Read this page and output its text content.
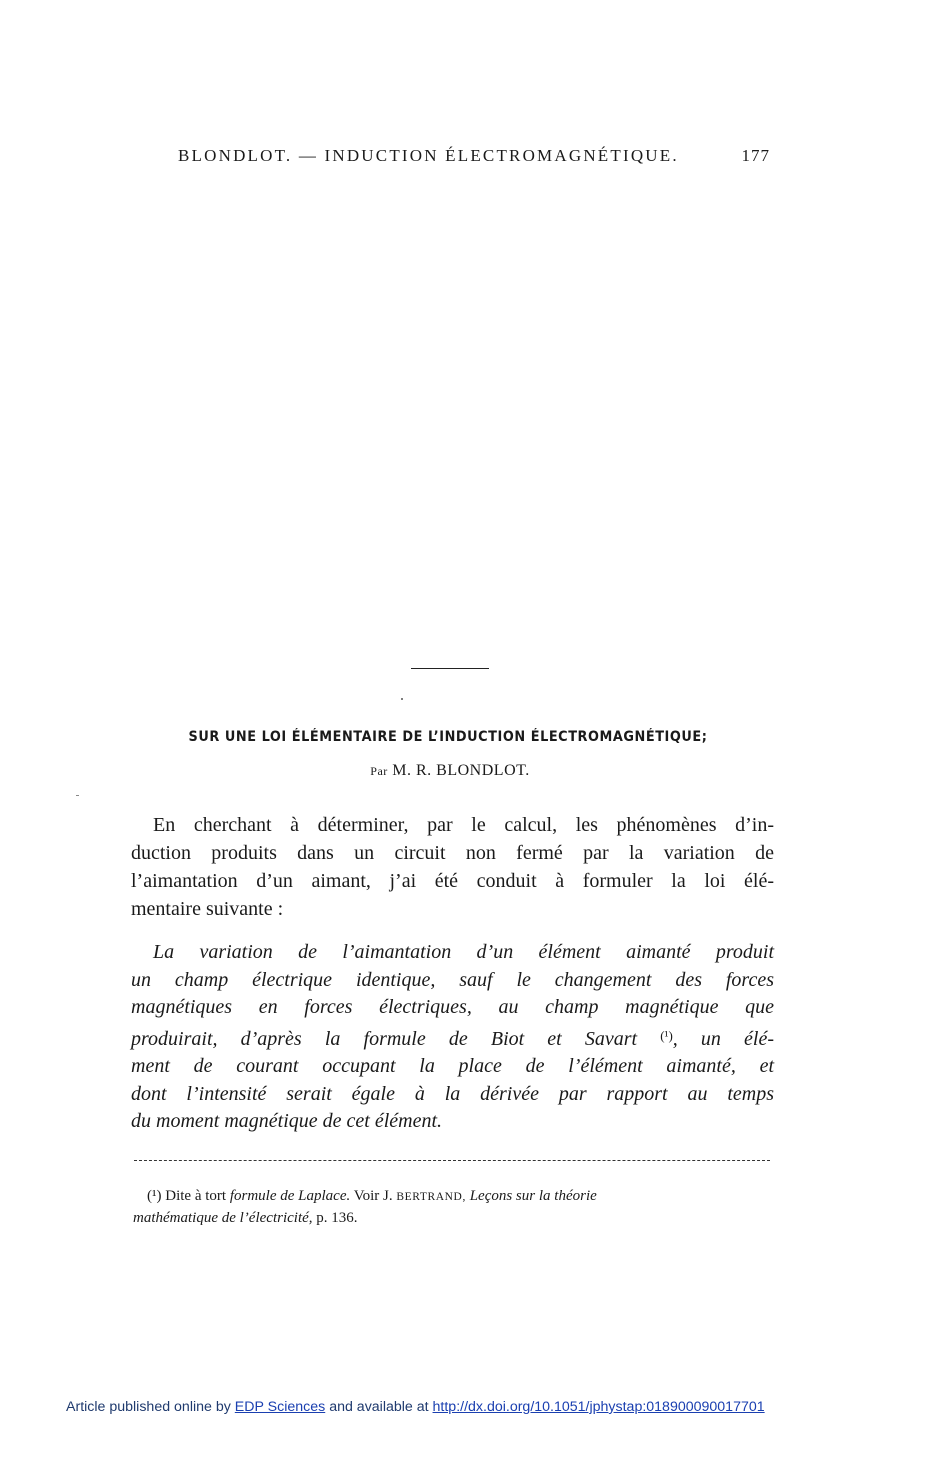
BLONDLOT. — INDUCTION ÉLECTROMAGNÉTIQUE.	177
SUR UNE LOI ÉLÉMENTAIRE DE L’INDUCTION ÉLECTROMAGNÉTIQUE;
Par M. R. BLONDLOT.
En cherchant à déterminer, par le calcul, les phénomènes d’in-
duction produits dans un circuit non fermé par la variation de
l’aimantation d’un aimant, j’ai été conduit à formuler la loi élé-
mentaire suivante :
La variation de l’aimantation d’un élément aimanté produit
un champ électrique identique, sauf le changement des forces
magnétiques en forces électriques, au champ magnétique que
produirait, d’après la formule de Biot et Savart $^{(^1)}$, un élé-
ment de courant occupant la place de l’élément aimanté, et
dont l’intensité serait égale à la dérivée par rapport au temps
du moment magnétique de cet élément.
(¹) Dite à tort formule de Laplace. Voir J. BERTRAND, Leçons sur la théorie
mathématique de l’électricité, p. 136.
Article published online by EDP Sciences and available at http://dx.doi.org/10.1051/jphystap:018900090017701
